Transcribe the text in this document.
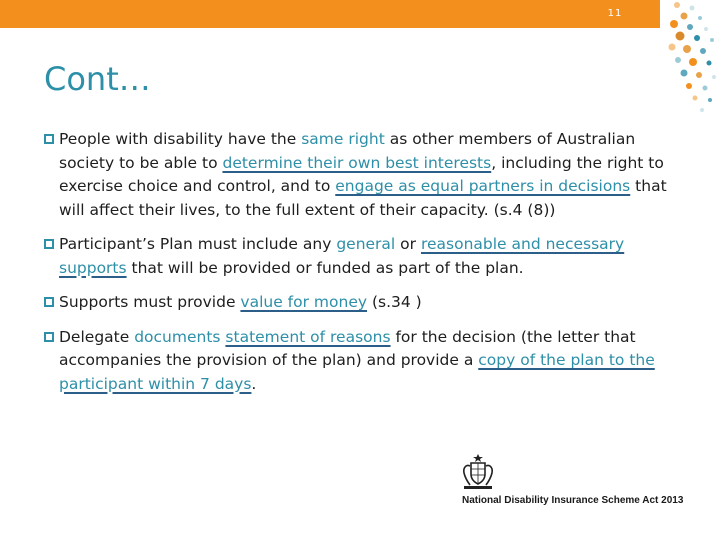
11
Cont…
People with disability have the same right as other members of Australian society to be able to determine their own best interests, including the right to exercise choice and control, and to engage as equal partners in decisions that will affect their lives, to the full extent of their capacity. (s.4 (8))
Participant’s Plan must include any general or reasonable and necessary supports that will be provided or funded as part of the plan.
Supports must provide value for money (s.34 )
Delegate documents statement of reasons for the decision (the letter that accompanies the provision of the plan) and provide a copy of the plan to the participant within 7 days.
National Disability Insurance Scheme Act 2013
